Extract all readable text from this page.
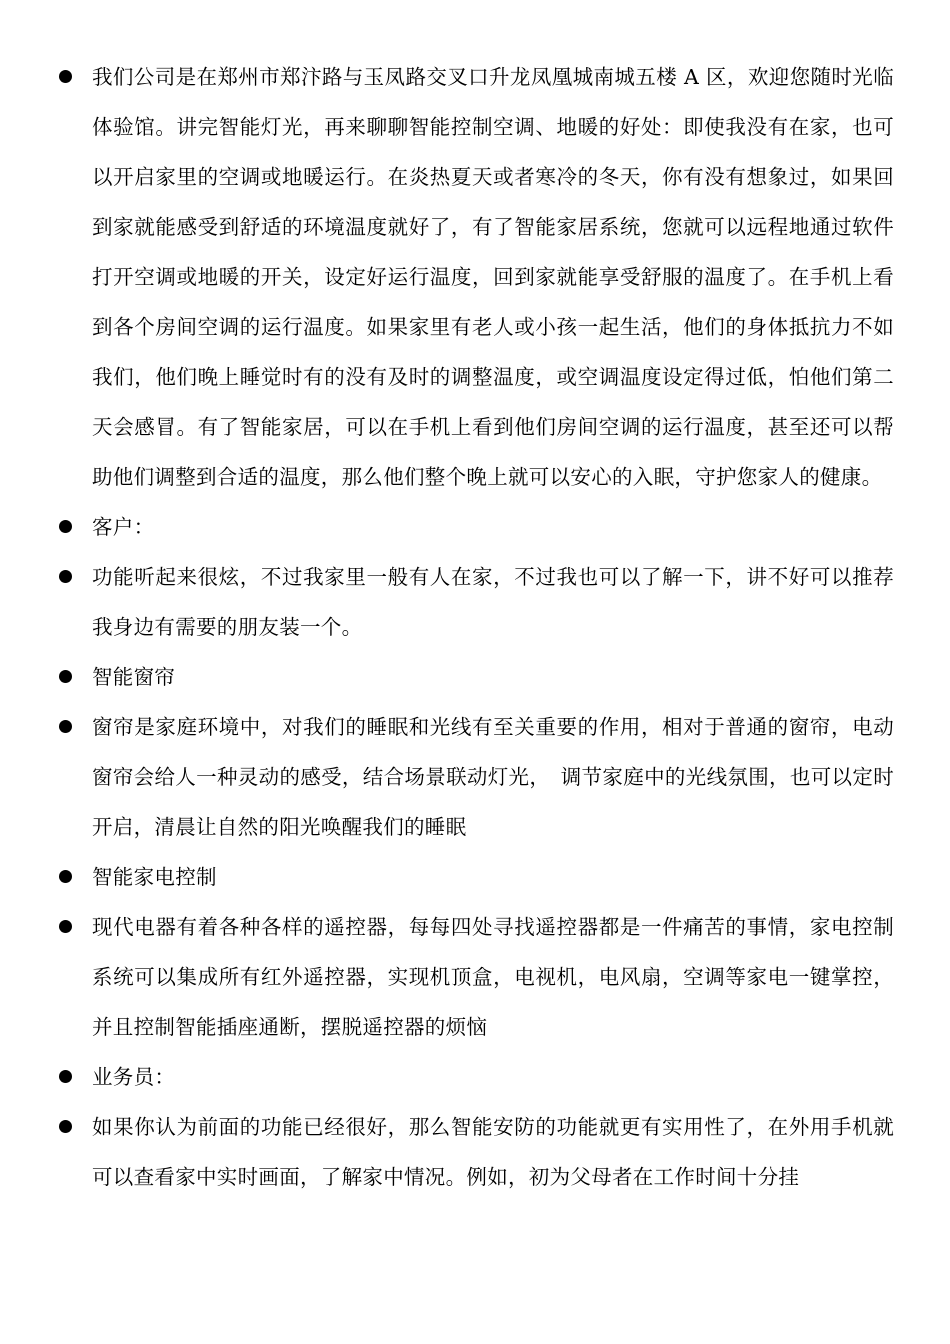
我们公司是在郑州市郑汴路与玉凤路交叉口升龙凤凰城南城五楼 A 区，欢迎您随时光临体验馆。讲完智能灯光，再来聊聊智能控制空调、地暖的好处：即使我没有在家，也可以开启家里的空调或地暖运行。在炎热夏天或者寒冷的冬天，你有没有想象过，如果回到家就能感受到舒适的环境温度就好了，有了智能家居系统，您就可以远程地通过软件打开空调或地暖的开关，设定好运行温度，回到家就能享受舒服的温度了。在手机上看到各个房间空调的运行温度。如果家里有老人或小孩一起生活，他们的身体抵抗力不如我们，他们晚上睡觉时有的没有及时的调整温度，或空调温度设定得过低，怕他们第二天会感冒。有了智能家居，可以在手机上看到他们房间空调的运行温度，甚至还可以帮助他们调整到合适的温度，那么他们整个晚上就可以安心的入眠，守护您家人的健康。
客户：
功能听起来很炫，不过我家里一般有人在家，不过我也可以了解一下，讲不好可以推荐我身边有需要的朋友装一个。
智能窗帘
窗帘是家庭环境中，对我们的睡眠和光线有至关重要的作用，相对于普通的窗帘，电动窗帘会给人一种灵动的感受，结合场景联动灯光，　调节家庭中的光线氛围，也可以定时开启，清晨让自然的阳光唤醒我们的睡眠
智能家电控制
现代电器有着各种各样的遥控器，每每四处寻找遥控器都是一件痛苦的事情，家电控制系统可以集成所有红外遥控器，实现机顶盒，电视机，电风扇，空调等家电一键掌控，并且控制智能插座通断，摆脱遥控器的烦恼
业务员：
如果你认为前面的功能已经很好，那么智能安防的功能就更有实用性了，在外用手机就可以查看家中实时画面，了解家中情况。例如，初为父母者在工作时间十分挂
